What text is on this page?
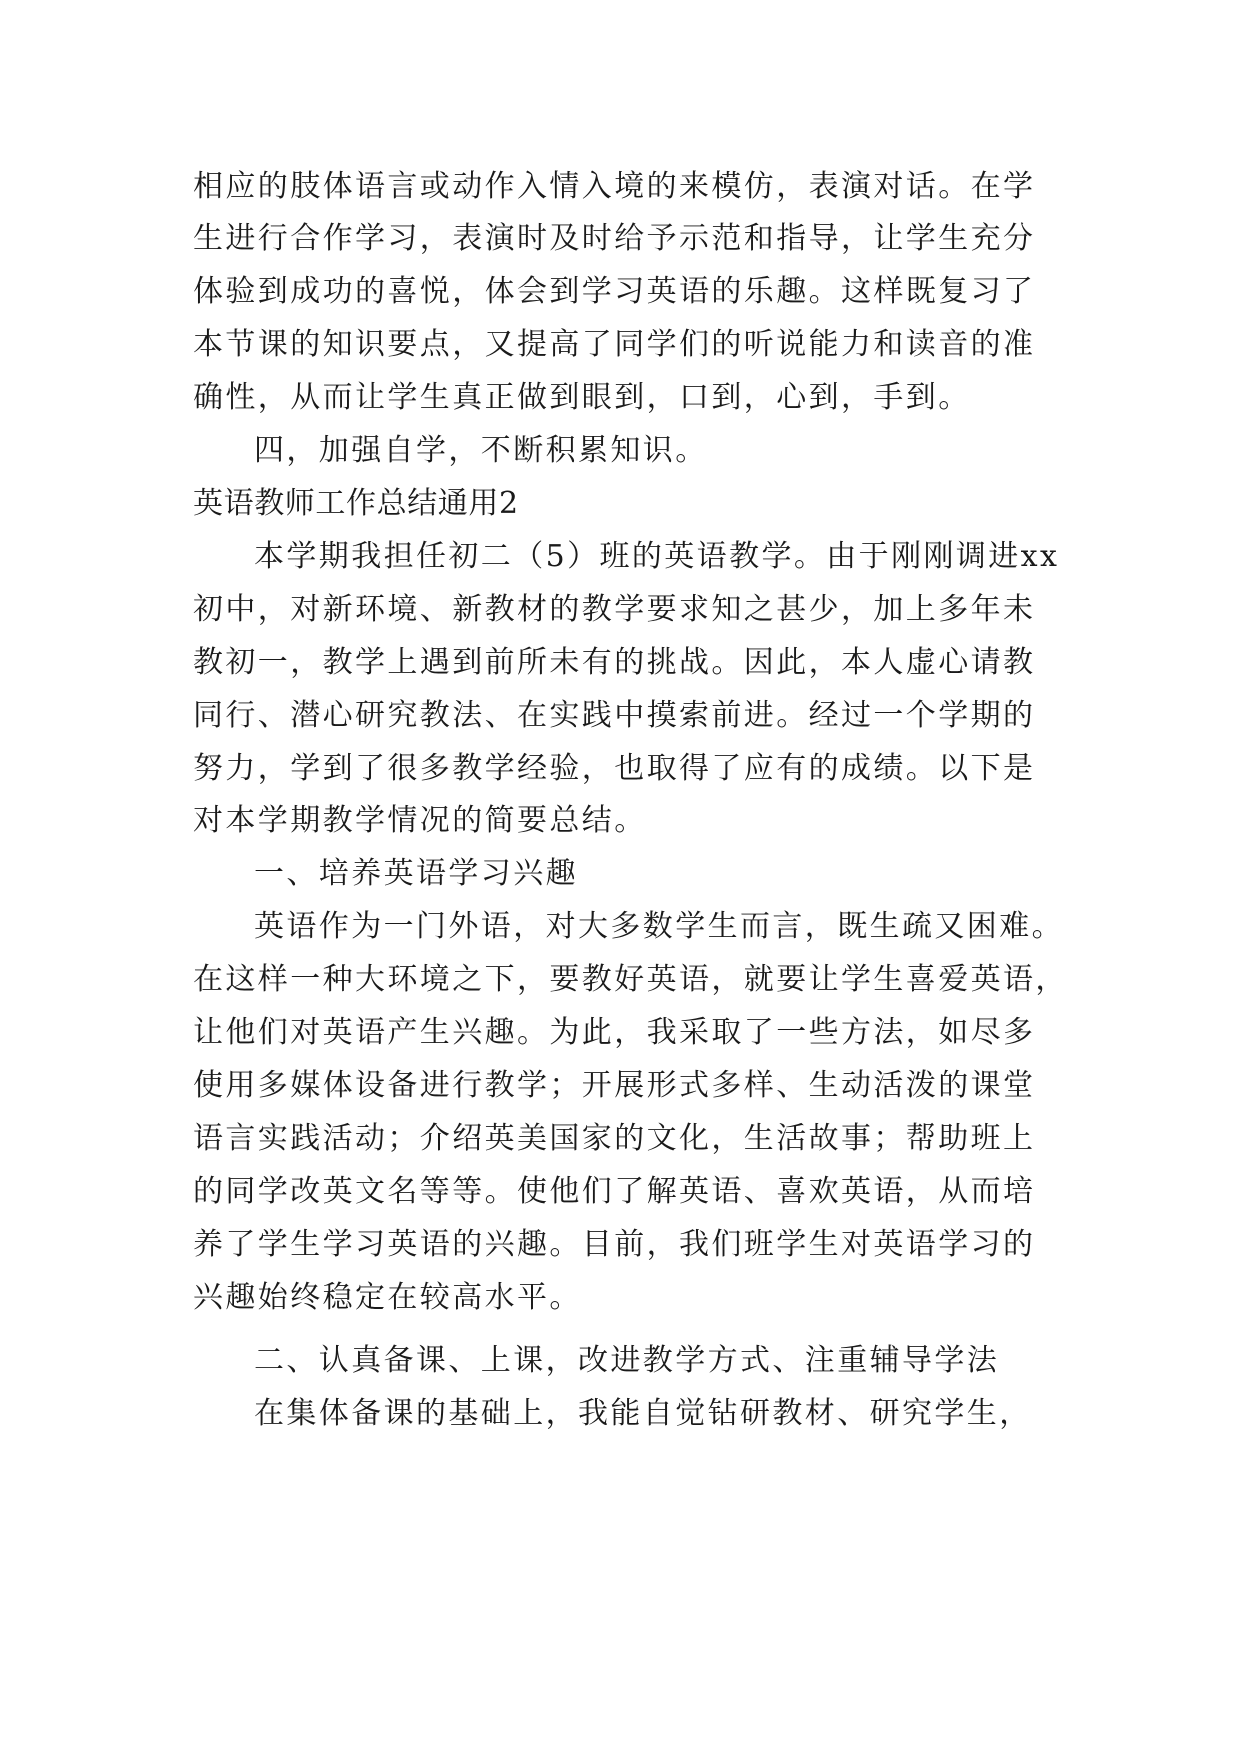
相应的肢体语言或动作入情入境的来模仿，表演对话。在学
生进行合作学习，表演时及时给予示范和指导，让学生充分
体验到成功的喜悦，体会到学习英语的乐趣。这样既复习了
本节课的知识要点，又提高了同学们的听说能力和读音的准
确性，从而让学生真正做到眼到，口到，心到，手到。
四，加强自学，不断积累知识。
英语教师工作总结通用2
本学期我担任初二（5）班的英语教学。由于刚刚调进xx
初中，对新环境、新教材的教学要求知之甚少，加上多年未
教初一，教学上遇到前所未有的挑战。因此，本人虚心请教
同行、潜心研究教法、在实践中摸索前进。经过一个学期的
努力，学到了很多教学经验，也取得了应有的成绩。以下是
对本学期教学情况的简要总结。
一、培养英语学习兴趣
英语作为一门外语，对大多数学生而言，既生疏又困难。
在这样一种大环境之下，要教好英语，就要让学生喜爱英语，
让他们对英语产生兴趣。为此，我采取了一些方法，如尽多
使用多媒体设备进行教学；开展形式多样、生动活泼的课堂
语言实践活动；介绍英美国家的文化，生活故事；帮助班上
的同学改英文名等等。使他们了解英语、喜欢英语，从而培
养了学生学习英语的兴趣。目前，我们班学生对英语学习的
兴趣始终稳定在较高水平。
二、认真备课、上课，改进教学方式、注重辅导学法
在集体备课的基础上，我能自觉钻研教材、研究学生，
